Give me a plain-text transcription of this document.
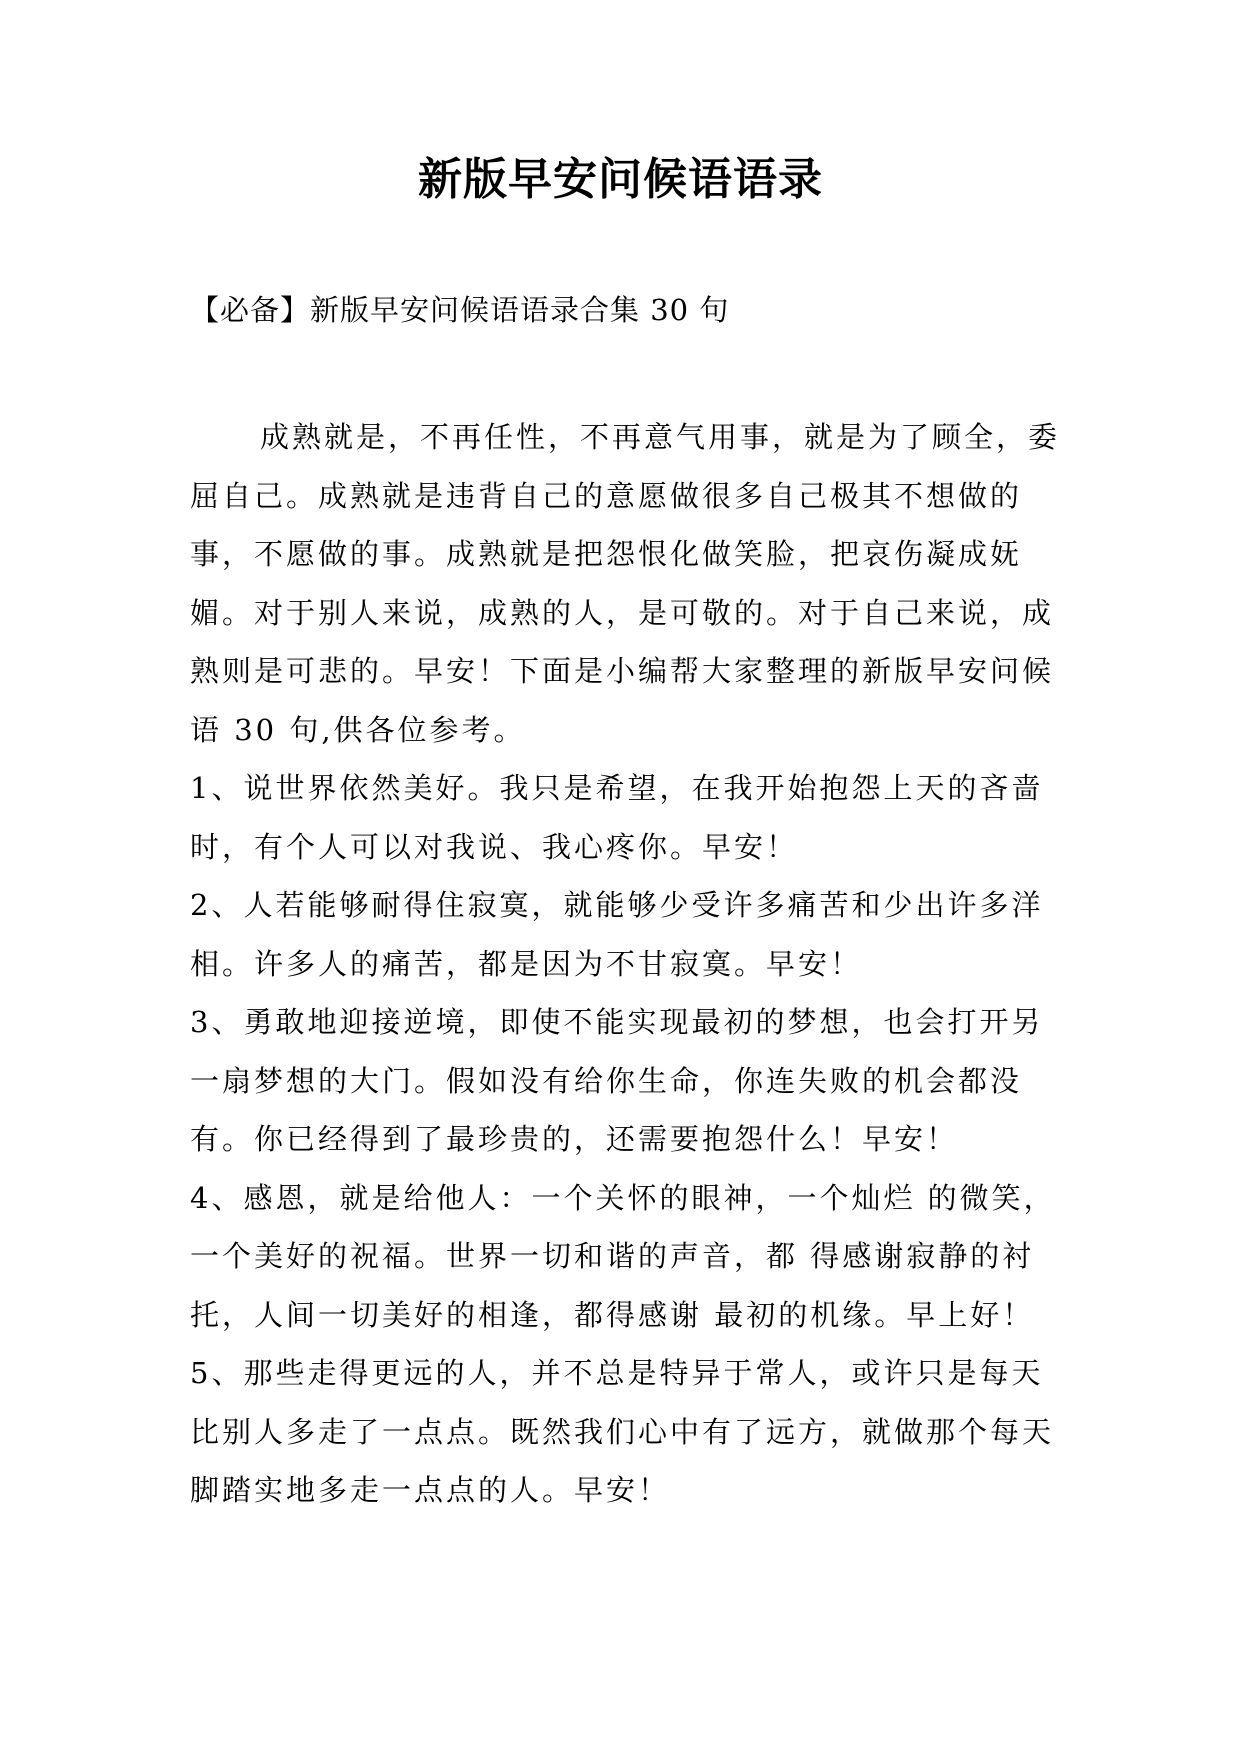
新版早安问候语语录
【必备】新版早安问候语语录合集 30 句

成熟就是，不再任性，不再意气用事，就是为了顾全，委屈自己。成熟就是违背自己的意愿做很多自己极其不想做的事，不愿做的事。成熟就是把怨恨化做笑脸，把哀伤凝成妩媚。对于别人来说，成熟的人，是可敬的。对于自己来说，成熟则是可悲的。早安！下面是小编帮大家整理的新版早安问候语 30 句,供各位参考。

1、说世界依然美好。我只是希望，在我开始抱怨上天的吝啬时，有个人可以对我说、我心疼你。早安！

2、人若能够耐得住寂寞，就能够少受许多痛苦和少出许多洋相。许多人的痛苦，都是因为不甘寂寞。早安！

3、勇敢地迎接逆境，即使不能实现最初的梦想，也会打开另一扇梦想的大门。假如没有给你生命，你连失败的机会都没有。你已经得到了最珍贵的，还需要抱怨什么！早安！

4、感恩，就是给他人：一个关怀的眼神，一个灿烂 的微笑，一个美好的祝福。世界一切和谐的声音，都 得感谢寂静的衬托，人间一切美好的相逢，都得感谢 最初的机缘。早上好！

5、那些走得更远的人，并不总是特异于常人，或许只是每天比别人多走了一点点。既然我们心中有了远方，就做那个每天脚踏实地多走一点点的人。早安！
